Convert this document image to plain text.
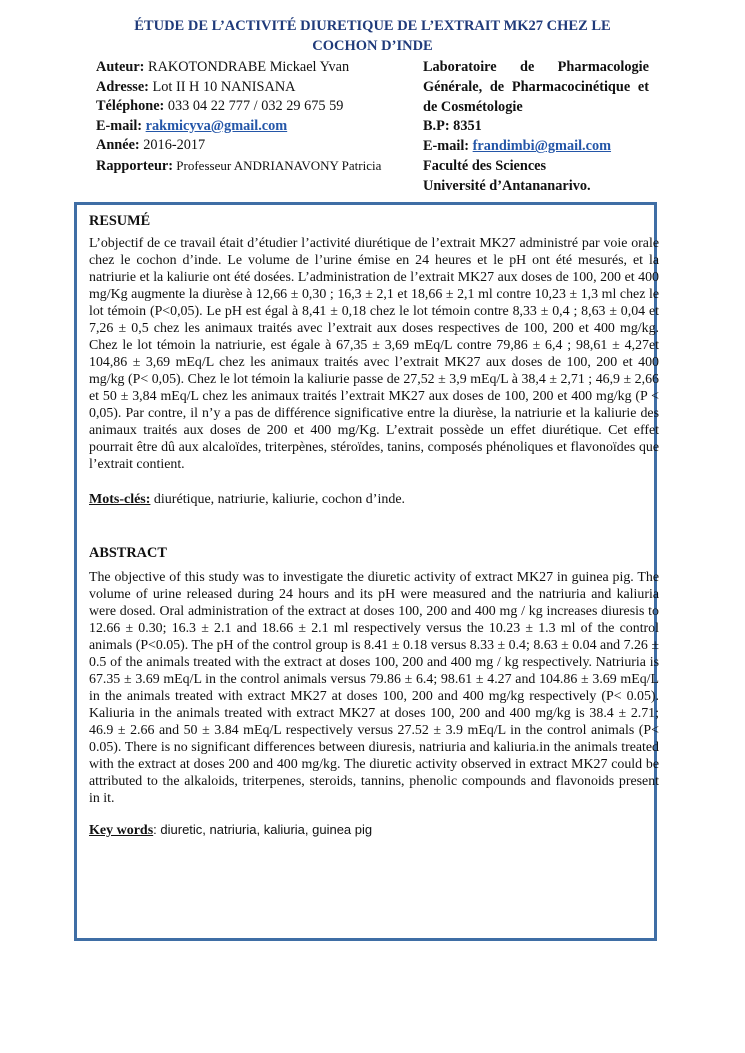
ÉTUDE DE L’ACTIVITÉ DIURETIQUE DE L’EXTRAIT MK27 CHEZ LE COCHON D’INDE
Auteur: RAKOTONDRABE Mickael Yvan
Adresse: Lot II H 10 NANISANA
Téléphone: 033 04 22 777 / 032 29 675 59
E-mail: rakmicyva@gmail.com
Année: 2016-2017
Rapporteur: Professeur ANDRIANAVONY Patricia
Laboratoire de Pharmacologie
Générale, de Pharmacocinétique et
de Cosmétologie
B.P: 8351
E-mail: frandimbi@gmail.com
Faculté des Sciences
Université d’Antananarivo.
RESUMÉ

L’objectif de ce travail était d’étudier l’activité diurétique de l’extrait MK27 administré par voie orale chez le cochon d’inde. Le volume de l’urine émise en 24 heures et le pH ont été mesurés, et la natriurie et la kaliurie ont été dosées. L’administration de l’extrait MK27 aux doses de 100, 200 et 400 mg/Kg augmente la diurèse à 12,66 ± 0,30 ; 16,3 ± 2,1 et 18,66 ± 2,1 ml contre 10,23 ± 1,3 ml chez le lot témoin (P<0,05). Le pH est égal à 8,41 ± 0,18 chez le lot témoin contre 8,33 ± 0,4 ; 8,63 ± 0,04 et 7,26 ± 0,5 chez les animaux traités avec l’extrait aux doses respectives de 100, 200 et 400 mg/kg. Chez le lot témoin la natriurie, est égale à 67,35 ± 3,69 mEq/L contre 79,86 ± 6,4 ; 98,61 ± 4,27et 104,86 ± 3,69 mEq/L chez les animaux traités avec l’extrait MK27 aux doses de 100, 200 et 400 mg/kg (P< 0,05). Chez le lot témoin la kaliurie passe de 27,52 ± 3,9 mEq/L à 38,4 ± 2,71 ; 46,9 ± 2,66 et 50 ± 3,84 mEq/L chez les animaux traités l’extrait MK27 aux doses de 100, 200 et 400 mg/kg (P < 0,05). Par contre, il n’y a pas de différence significative entre la diurèse, la natriurie et la kaliurie des animaux traités aux doses de 200 et 400 mg/Kg. L’extrait possède un effet diurétique. Cet effet pourrait être dû aux alcaloïdes, triterpènes, stéroïdes, tanins, composés phénoliques et flavonoïdes que l’extrait contient.

Mots-clés: diurétique, natriurie, kaliurie, cochon d’inde.
ABSTRACT

The objective of this study was to investigate the diuretic activity of extract MK27 in guinea pig. The volume of urine released during 24 hours and its pH were measured and the natriuria and kaliuria were dosed. Oral administration of the extract at doses 100, 200 and 400 mg / kg increases diuresis to 12.66 ± 0.30; 16.3 ± 2.1 and 18.66 ± 2.1 ml respectively versus the 10.23 ± 1.3 ml of the control animals (P<0.05). The pH of the control group is 8.41 ± 0.18 versus 8.33 ± 0.4; 8.63 ± 0.04 and 7.26 ± 0.5 of the animals treated with the extract at doses 100, 200 and 400 mg / kg respectively. Natriuria is 67.35 ± 3.69 mEq/L in the control animals versus 79.86 ± 6.4; 98.61 ± 4.27 and 104.86 ± 3.69 mEq/L in the animals treated with extract MK27 at doses 100, 200 and 400 mg/kg respectively (P< 0.05). Kaliuria in the animals treated with extract MK27 at doses 100, 200 and 400 mg/kg is 38.4 ± 2.71; 46.9 ± 2.66 and 50 ± 3.84 mEq/L respectively versus 27.52 ± 3.9 mEq/L in the control animals (P< 0.05). There is no significant differences between diuresis, natriuria and kaliuria.in the animals treated with the extract at doses 200 and 400 mg/kg. The diuretic activity observed in extract MK27 could be attributed to the alkaloids, triterpenes, steroids, tannins, phenolic compounds and flavonoids present in it.

Key words: diuretic, natriuria, kaliuria, guinea pig
